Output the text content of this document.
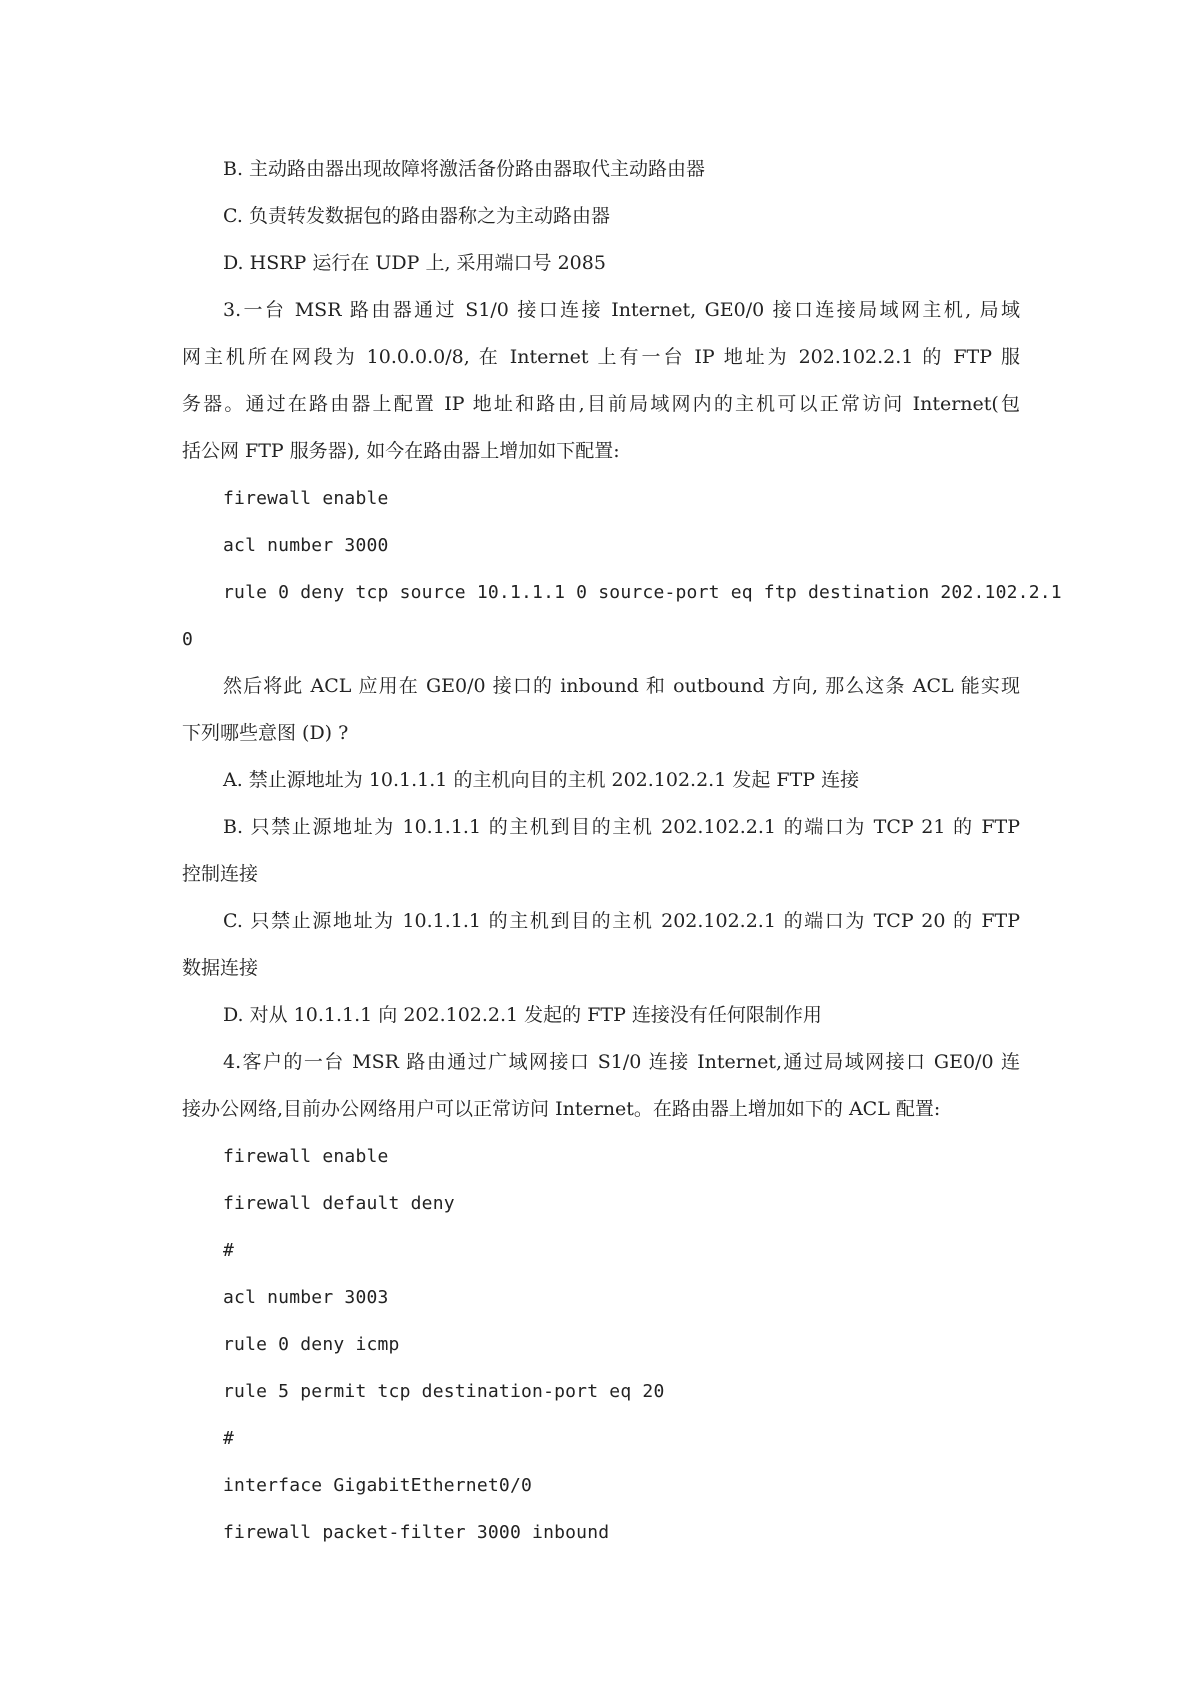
B. 主动路由器出现故障将激活备份路由器取代主动路由器
C. 负责转发数据包的路由器称之为主动路由器
D. HSRP 运行在 UDP 上, 采用端口号 2085
3.一台 MSR 路由器通过 S1/0 接口连接 Internet, GE0/0 接口连接局域网主机, 局域
网主机所在网段为 10.0.0.0/8, 在 Internet 上有一台 IP 地址为 202.102.2.1 的 FTP 服
务器。通过在路由器上配置 IP 地址和路由,目前局域网内的主机可以正常访问 Internet(包
括公网 FTP 服务器), 如今在路由器上增加如下配置:
firewall enable
acl number 3000
rule 0 deny tcp source 10.1.1.1 0 source-port eq ftp destination 202.102.2.1
0
然后将此 ACL 应用在 GE0/0 接口的 inbound 和 outbound 方向, 那么这条 ACL 能实现
下列哪些意图 (D) ?
A. 禁止源地址为 10.1.1.1 的主机向目的主机 202.102.2.1 发起 FTP 连接
B. 只禁止源地址为 10.1.1.1 的主机到目的主机 202.102.2.1 的端口为 TCP 21 的 FTP
控制连接
C. 只禁止源地址为 10.1.1.1 的主机到目的主机 202.102.2.1 的端口为 TCP 20 的 FTP
数据连接
D. 对从 10.1.1.1 向 202.102.2.1 发起的 FTP 连接没有任何限制作用
4.客户的一台 MSR 路由通过广域网接口 S1/0 连接 Internet,通过局域网接口 GE0/0 连
接办公网络,目前办公网络用户可以正常访问 Internet。在路由器上增加如下的 ACL 配置:
firewall enable
firewall default deny
#
acl number 3003
rule 0 deny icmp
rule 5 permit tcp destination-port eq 20
#
interface GigabitEthernet0/0
firewall packet-filter 3000 inbound
